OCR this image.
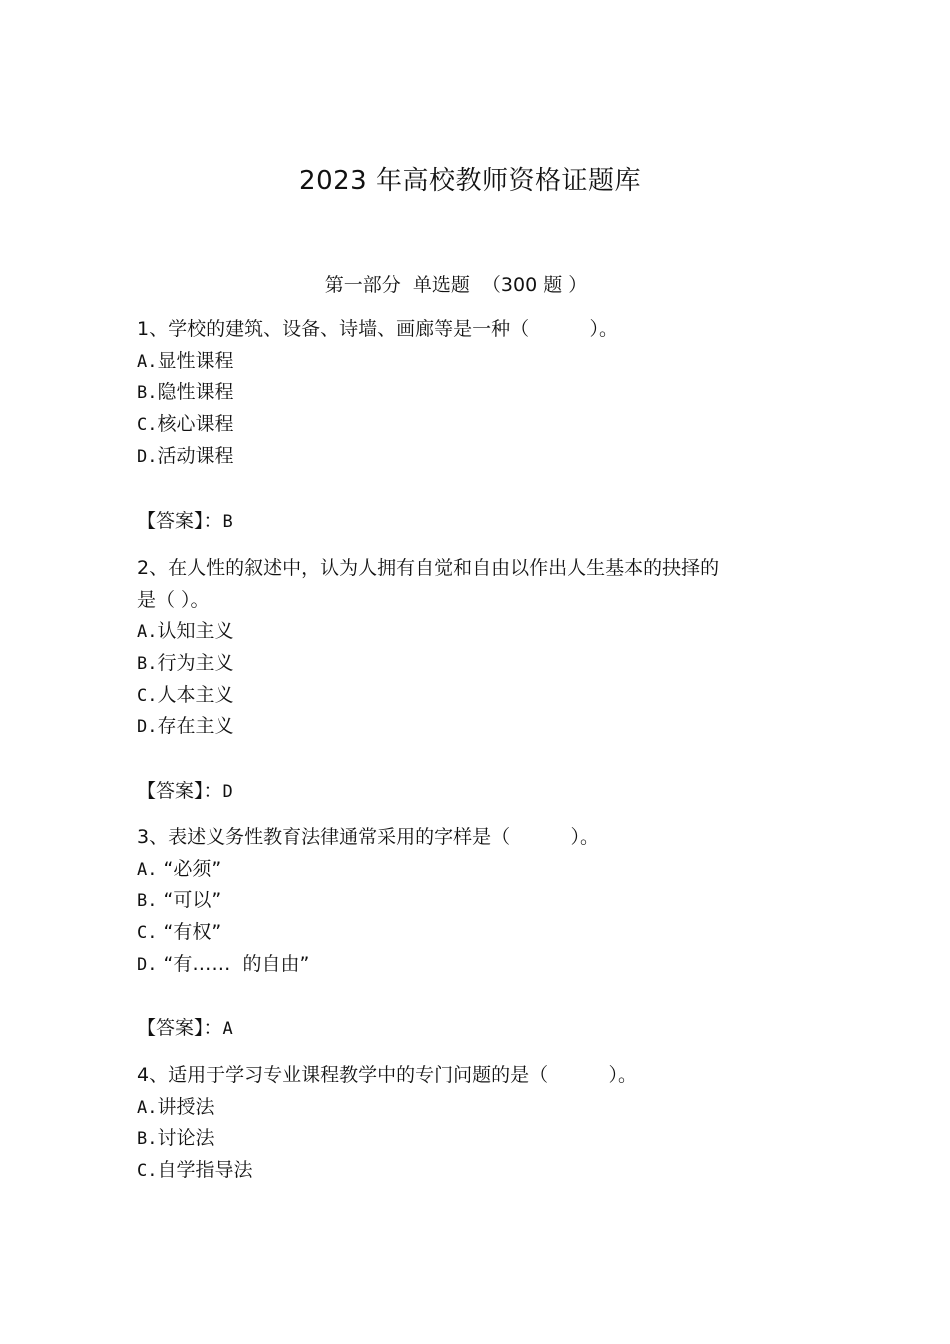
2023 年高校教师资格证题库
第一部分  单选题  （300 题 ）
1、学校的建筑、设备、诗墙、画廊等是一种（          ）。
A.显性课程
B.隐性课程
C.核心课程
D.活动课程
【答案】：B
2、在人性的叙述中，认为人拥有自觉和自由以作出人生基本的抉择的
是（ ）。
A.认知主义
B.行为主义
C.人本主义
D.存在主义
【答案】：D
3、表述义务性教育法律通常采用的字样是（          ）。
A. “必须”
B. “可以”
C. “有权”
D. “有……  的自由”
【答案】：A
4、适用于学习专业课程教学中的专门问题的是（          ）。
A.讲授法
B.讨论法
C.自学指导法
